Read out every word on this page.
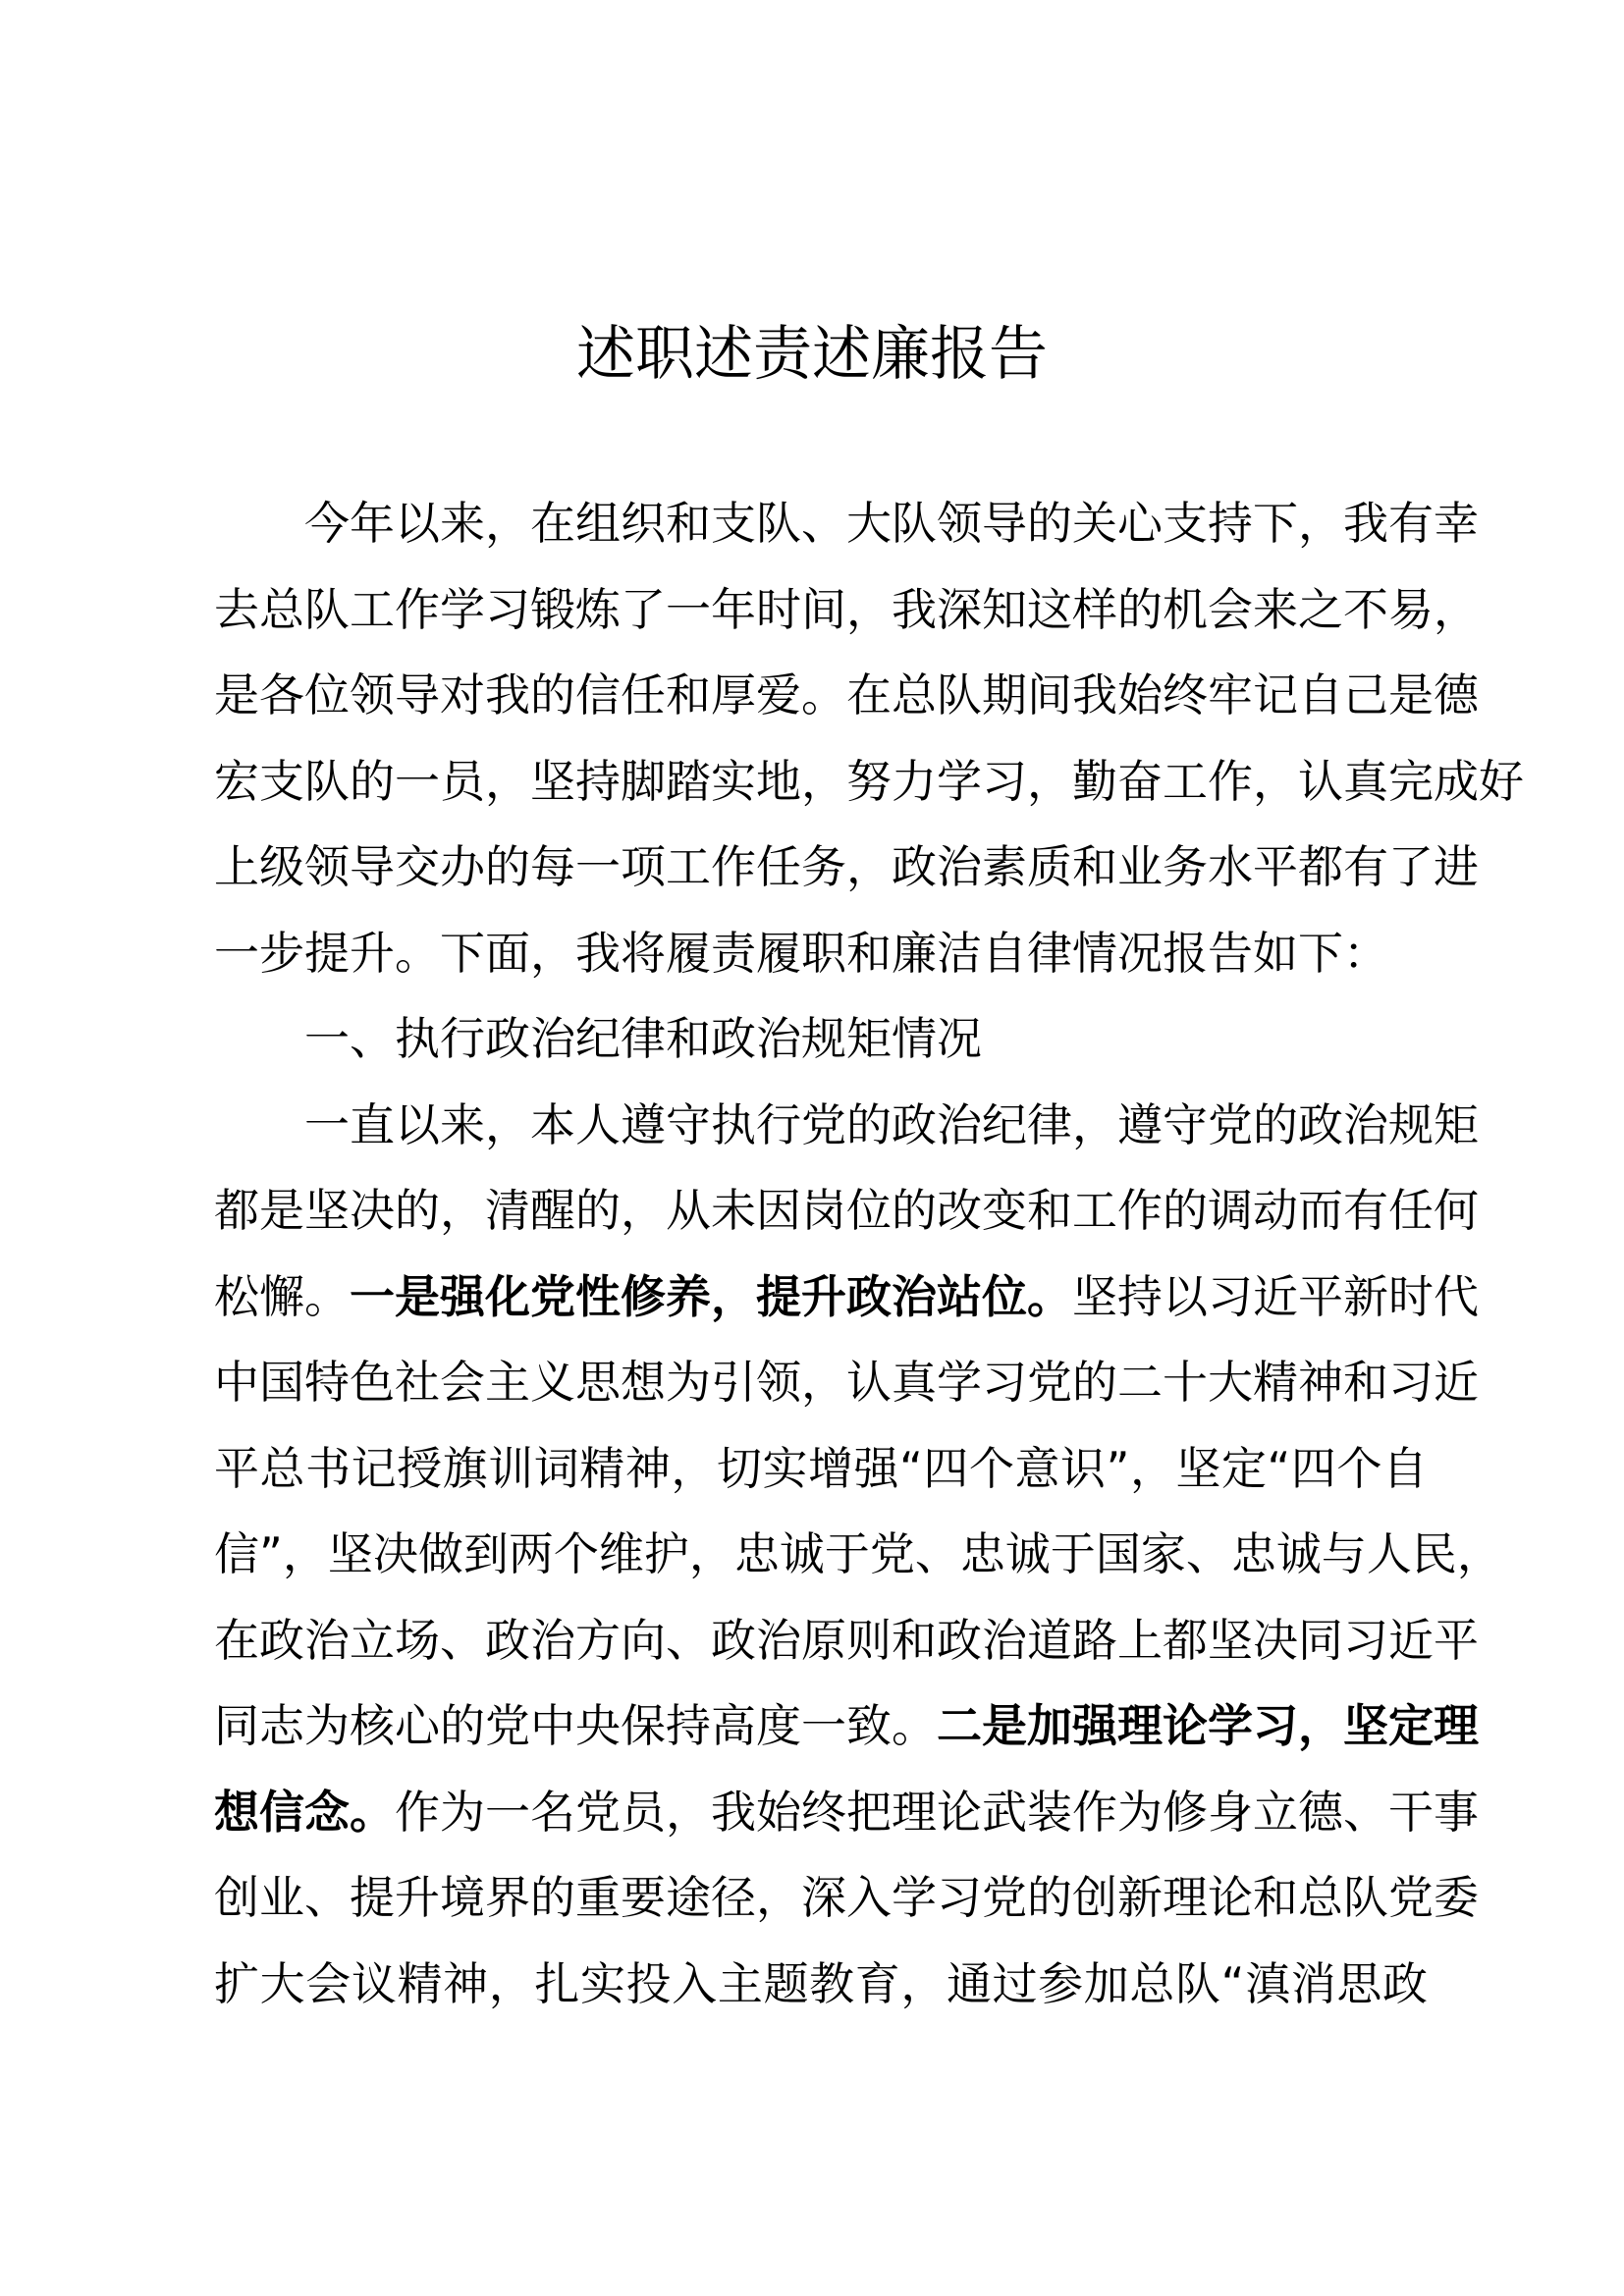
述职述责述廉报告
今年以来，在组织和支队、大队领导的关心支持下，我有幸
去总队工作学习锻炼了一年时间，我深知这样的机会来之不易，
是各位领导对我的信任和厚爱。在总队期间我始终牢记自己是德
宏支队的一员，坚持脚踏实地，努力学习，勤奋工作，认真完成好
上级领导交办的每一项工作任务，政治素质和业务水平都有了进
一步提升。下面，我将履责履职和廉洁自律情况报告如下：
一、执行政治纪律和政治规矩情况
一直以来，本人遵守执行党的政治纪律，遵守党的政治规矩
都是坚决的，清醒的，从未因岗位的改变和工作的调动而有任何
松懈。一是强化党性修养，提升政治站位。坚持以习近平新时代
中国特色社会主义思想为引领，认真学习党的二十大精神和习近
平总书记授旗训词精神，切实增强“四个意识”，坚定“四个自
信”，坚决做到两个维护，忠诚于党、忠诚于国家、忠诚与人民，
在政治立场、政治方向、政治原则和政治道路上都坚决同习近平
同志为核心的党中央保持高度一致。二是加强理论学习，坚定理
想信念。作为一名党员，我始终把理论武装作为修身立德、干事
创业、提升境界的重要途径，深入学习党的创新理论和总队党委
扩大会议精神，扎实投入主题教育，通过参加总队“滇消思政
